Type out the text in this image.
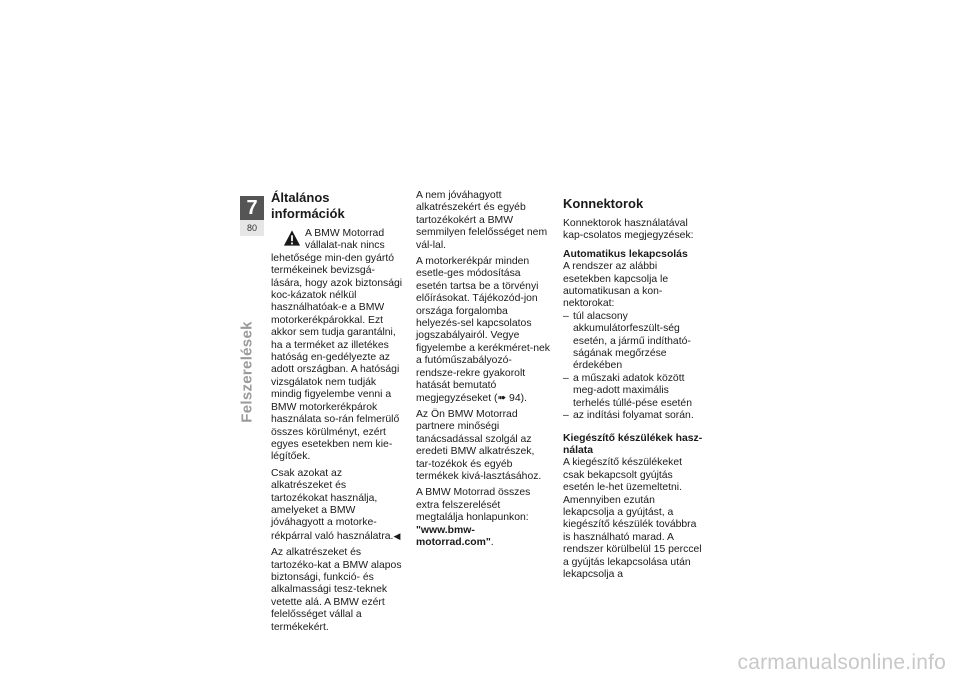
7
80
Felszerelések
Általános információk

A BMW Motorrad vállalat-nak nincs lehetősége min-den gyártó termékeinek bevizsgá-lására, hogy azok biztonsági koc-kázatok nélkül használhatóak-e a BMW motorkerékpárokkal. Ezt akkor sem tudja garantálni, ha a terméket az illetékes hatóság en-gedélyezte az adott országban. A hatósági vizsgálatok nem tudják mindig figyelembe venni a BMW motorkerékpárok használata so-rán felmerülő összes körülményt, ezért egyes esetekben nem kie-légítőek.

Csak azokat az alkatrészeket és tartozékokat használja, amelyeket a BMW jóváhagyott a motorke-rékpárral való használatra.◀

Az alkatrészeket és tartozéko-kat a BMW alapos biztonsági, funkció- és alkalmassági tesz-teknek vetette alá. A BMW ezért felelősséget vállal a termékekért.

A nem jóváhagyott alkatrészekért és egyéb tartozékokért a BMW semmilyen felelősséget nem vál-lal.

A motorkerékpár minden esetle-ges módosítása esetén tartsa be a törvényi előírásokat. Tájékozód-jon országa forgalomba helyezés-sel kapcsolatos jogszabályairól. Vegye figyelembe a kerékméret-nek a futóműszabályozó-rendsze-rekre gyakorolt hatását bemutató megjegyzéseket (➠ 94).

Az Ön BMW Motorrad partnere minőségi tanácsadással szolgál az eredeti BMW alkatrészek, tar-tozékok és egyéb termékek kivá-lasztásához.

A BMW Motorrad összes extra felszerelését megtalálja honlapunkon: "www.bmw-motorrad.com".

Konnektorok

Konnektorok használatával kap-csolatos megjegyzések:

Automatikus lekapcsolás

A rendszer az alábbi esetekben kapcsolja le automatikusan a kon-nektorokat:

– túl alacsony akkumulátorfeszült-ség esetén, a jármű indítható-ságának megőrzése érdekében
– a műszaki adatok között meg-adott maximális terhelés túllé-pése esetén
– az indítási folyamat során.
Kiegészítő készülékek hasz-nálata

A kiegészítő készülékeket csak bekapcsolt gyújtás esetén le-het üzemeltetni. Amennyiben ezután lekapcsolja a gyújtást, a kiegészítő készülék továbbra is használható marad. A rendszer körülbelül 15 perccel a gyújtás lekapcsolása után lekapcsolja a

carmanualsonline.info
